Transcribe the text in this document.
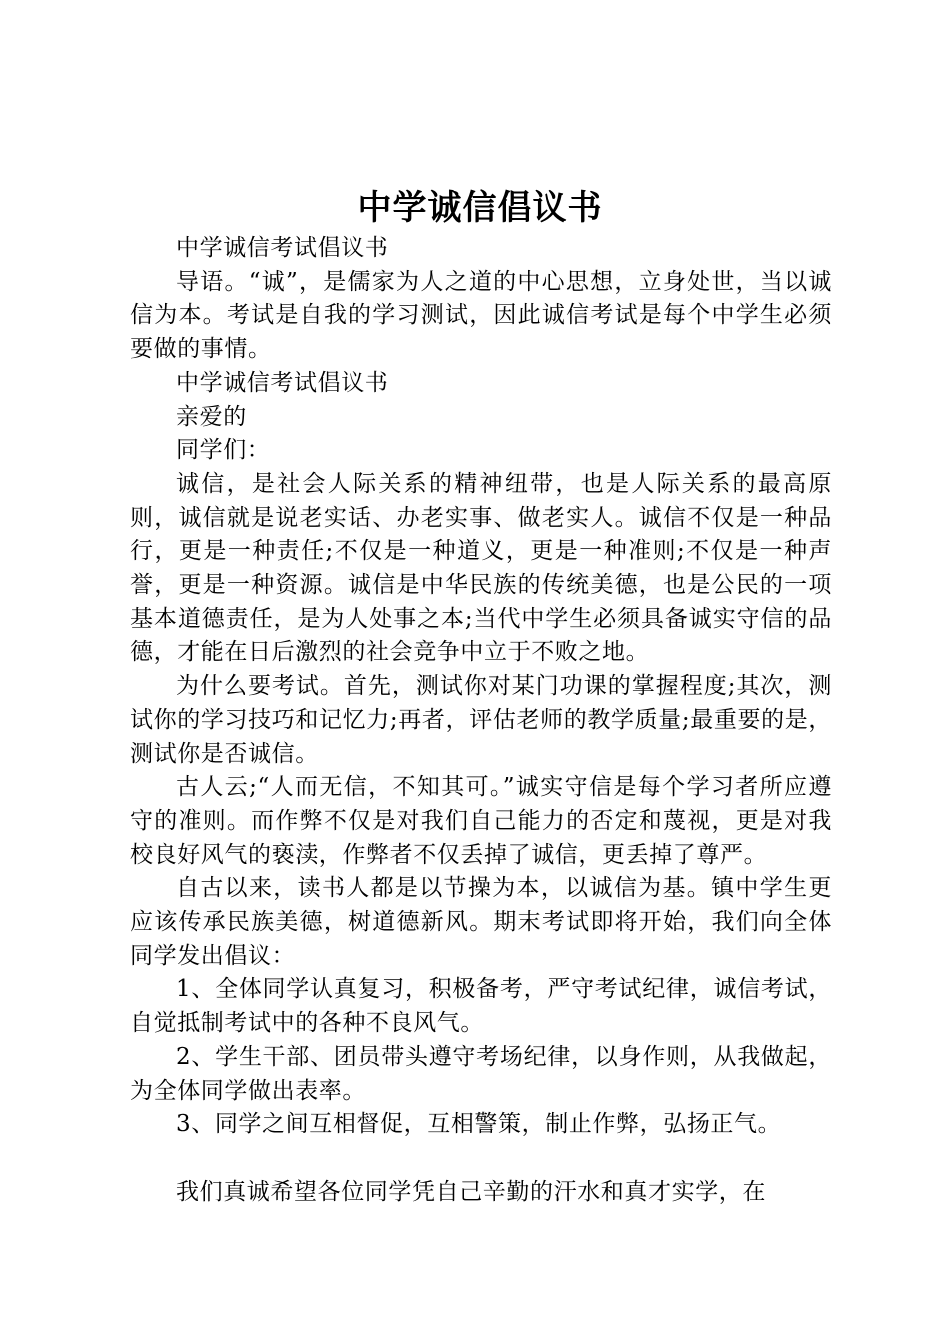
中学诚信倡议书

中学诚信考试倡议书

导语。“诚”，是儒家为人之道的中心思想，立身处世，当以诚信为本。考试是自我的学习测试，因此诚信考试是每个中学生必须要做的事情。

中学诚信考试倡议书

亲爱的

同学们：

诚信，是社会人际关系的精神纽带，也是人际关系的最高原则，诚信就是说老实话、办老实事、做老实人。诚信不仅是一种品行，更是一种责任;不仅是一种道义，更是一种准则;不仅是一种声誉，更是一种资源。诚信是中华民族的传统美德，也是公民的一项基本道德责任，是为人处事之本;当代中学生必须具备诚实守信的品德，才能在日后激烈的社会竞争中立于不败之地。

为什么要考试。首先，测试你对某门功课的掌握程度;其次，测试你的学习技巧和记忆力;再者，评估老师的教学质量;最重要的是，测试你是否诚信。

古人云;“人而无信，不知其可。”诚实守信是每个学习者所应遵守的准则。而作弊不仅是对我们自己能力的否定和蔑视，更是对我校良好风气的亵渎，作弊者不仅丢掉了诚信，更丢掉了尊严。

自古以来，读书人都是以节操为本，以诚信为基。镇中学生更应该传承民族美德，树道德新风。期末考试即将开始，我们向全体同学发出倡议：

1、全体同学认真复习，积极备考，严守考试纪律，诚信考试，自觉抵制考试中的各种不良风气。

2、学生干部、团员带头遵守考场纪律，以身作则，从我做起，为全体同学做出表率。

3、同学之间互相督促，互相警策，制止作弊，弘扬正气。

我们真诚希望各位同学凭自己辛勤的汗水和真才实学，在
